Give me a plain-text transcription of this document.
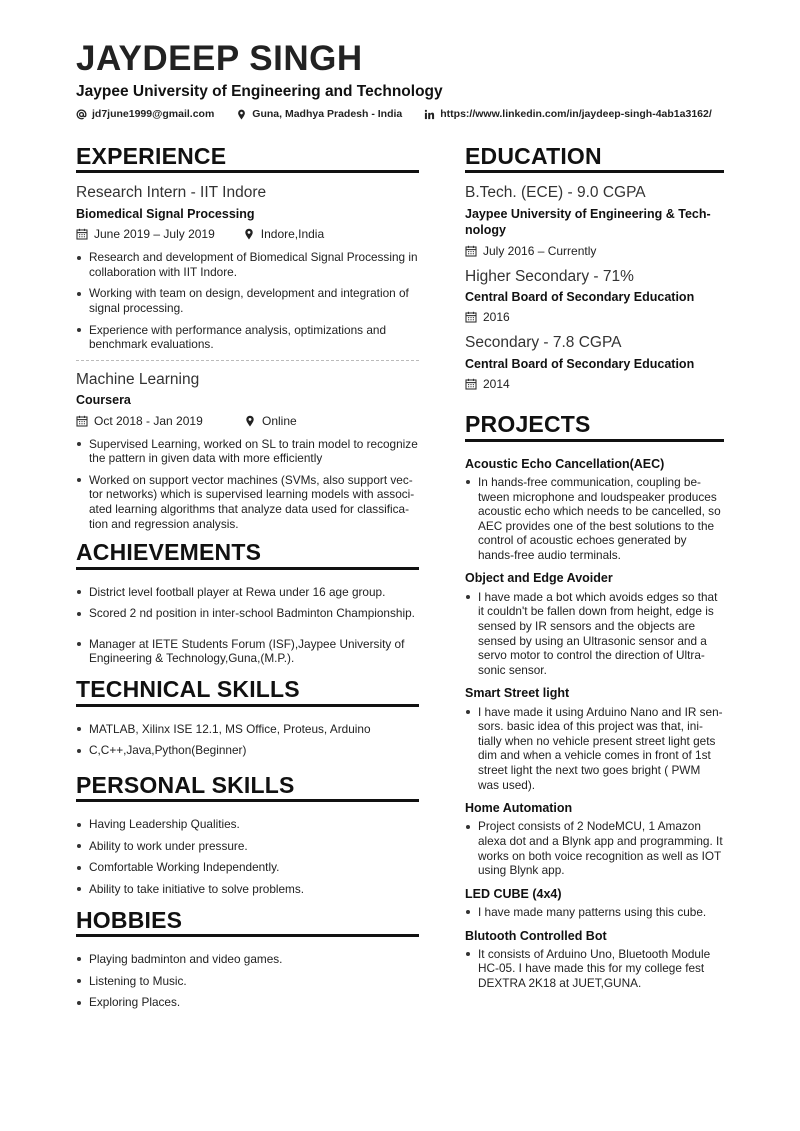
JAYDEEP SINGH
Jaypee University of Engineering and Technology
jd7june1999@gmail.com	Guna, Madhya Pradesh - India	https://www.linkedin.com/in/jaydeep-singh-4ab1a3162/
EXPERIENCE
Research Intern - IIT Indore
Biomedical Signal Processing
June 2019 – July 2019	Indore,India
Research and development of Biomedical Signal Processing in collaboration with IIT Indore.
Working with team on design, development and integration of signal processing.
Experience with performance analysis, optimizations and benchmark evaluations.
Machine Learning
Coursera
Oct 2018 - Jan 2019	Online
Supervised Learning, worked on SL to train model to recognize the pattern in given data with more efficiently
Worked on support vector machines (SVMs, also support vec- tor networks) which is supervised learning models with associ- ated learning algorithms that analyze data used for classifica- tion and regression analysis.
ACHIEVEMENTS
District level football player at Rewa under 16 age group.
Scored 2 nd position in inter-school Badminton Championship.
Manager at IETE Students Forum (ISF),Jaypee University of Engineering & Technology,Guna,(M.P.).
TECHNICAL SKILLS
MATLAB, Xilinx ISE 12.1, MS Office, Proteus, Arduino
C,C++,Java,Python(Beginner)
PERSONAL SKILLS
Having Leadership Qualities.
Ability to work under pressure.
Comfortable Working Independently.
Ability to take initiative to solve problems.
HOBBIES
Playing badminton and video games.
Listening to Music.
Exploring Places.
EDUCATION
B.Tech. (ECE) - 9.0 CGPA
Jaypee University of Engineering & Tech- nology
July 2016 – Currently
Higher Secondary - 71%
Central Board of Secondary Education
2016
Secondary - 7.8 CGPA
Central Board of Secondary Education
2014
PROJECTS
Acoustic Echo Cancellation(AEC)
In hands-free communication, coupling be- tween microphone and loudspeaker produces acoustic echo which needs to be cancelled, so AEC provides one of the best solutions to the control of acoustic echoes generated by hands-free audio terminals.
Object and Edge Avoider
I have made a bot which avoids edges so that it couldn't be fallen down from height, edge is sensed by IR sensors and the objects are sensed by using an Ultrasonic sensor and a servo motor to control the direction of Ultra- sonic sensor.
Smart Street light
I have made it using Arduino Nano and IR sen- sors. basic idea of this project was that, ini- tially when no vehicle present street light gets dim and when a vehicle comes in front of 1st street light the next two goes bright ( PWM was used).
Home Automation
Project consists of 2 NodeMCU, 1 Amazon alexa dot and a Blynk app and programming. It works on both voice recognition as well as IOT using Blynk app.
LED CUBE (4x4)
I have made many patterns using this cube.
Blutooth Controlled Bot
It consists of Arduino Uno, Bluetooth Module HC-05. I have made this for my college fest DEXTRA 2K18 at JUET,GUNA.
